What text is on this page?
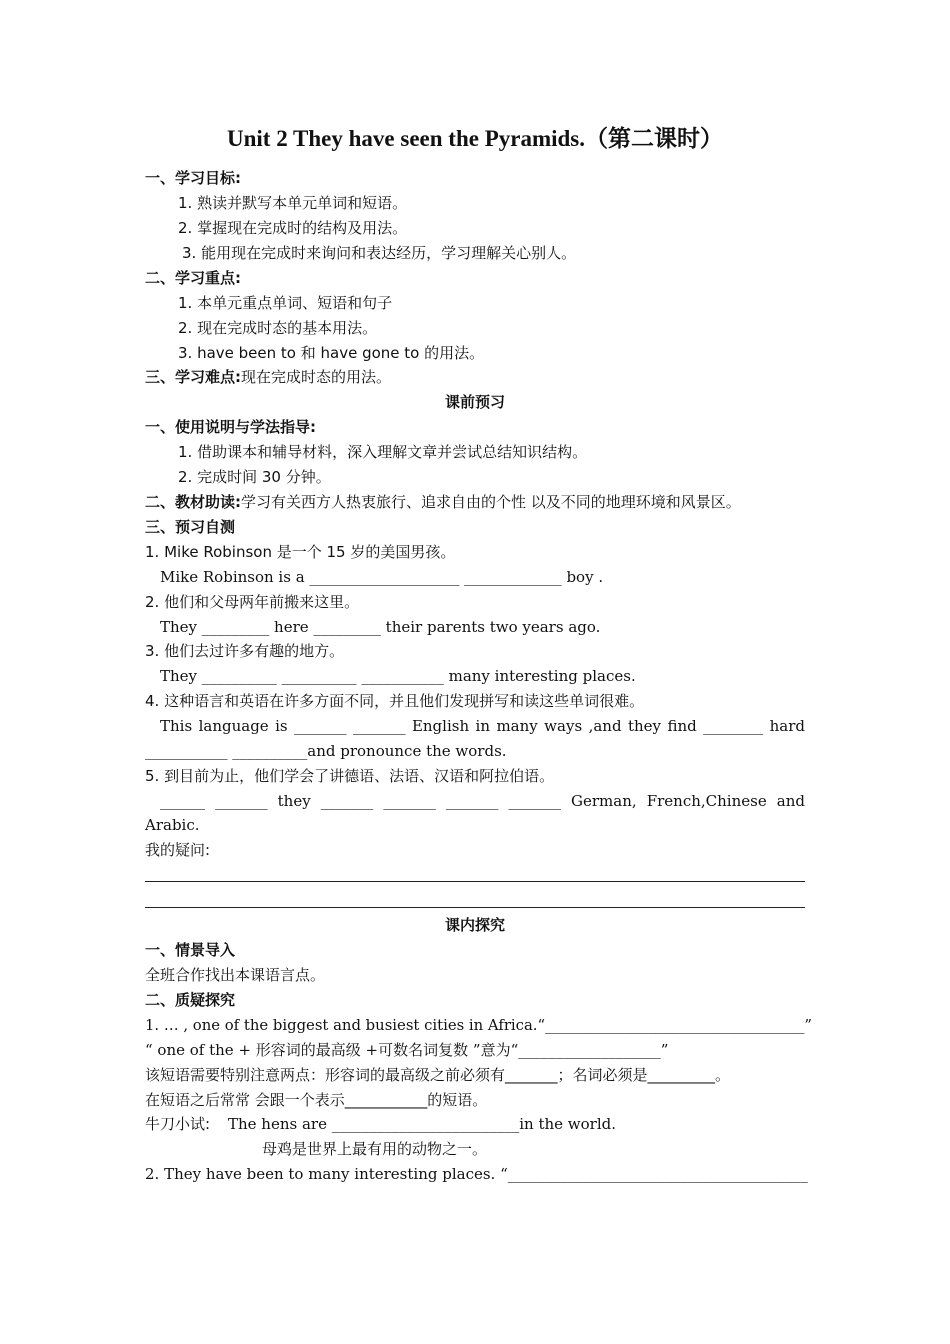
Unit 2 They have seen the Pyramids.（第二课时）
一、学习目标:
1. 熟读并默写本单元单词和短语。
2. 掌握现在完成时的结构及用法。
3. 能用现在完成时来询问和表达经历，学习理解关心别人。
二、学习重点:
1. 本单元重点单词、短语和句子
2. 现在完成时态的基本用法。
3. have been to 和 have gone to 的用法。
三、学习难点:现在完成时态的用法。
课前预习
一、使用说明与学法指导:
1. 借助课本和辅导材料，深入理解文章并尝试总结知识结构。
2. 完成时间 30 分钟。
二、教材助读:学习有关西方人热衷旅行、追求自由的个性 以及不同的地理环境和风景区。
三、预习自测
1. Mike Robinson 是一个 15 岁的美国男孩。
Mike Robinson is a ____________________ _____________ boy .
2. 他们和父母两年前搬来这里。
They _________ here _________ their parents two years ago.
3. 他们去过许多有趣的地方。
They __________ __________ ___________ many interesting places.
4. 这种语言和英语在许多方面不同，并且他们发现拼写和读这些单词很难。
This language is _______ _______ English in many ways ,and they find ________ hard
___________ __________and pronounce the words.
5. 到目前为止，他们学会了讲德语、法语、汉语和阿拉伯语。
______ _______ they _______ _______ _______ _______ German, French,Chinese and
Arabic.
我的疑问:
课内探究
一、情景导入
全班合作找出本课语言点。
二、质疑探究
1. … , one of the biggest and busiest cities in Africa.“___________________________________”
“ one of the + 形容词的最高级 +可数名词复数 ”意为“___________________”
该短语需要特别注意两点：形容词的最高级之前必须有_______；名词必须是_________。
在短语之后常常 会跟一个表示___________的短语。
牛刀小试: The hens are _________________________in the world.
母鸡是世界上最有用的动物之一。
2. They have been to many interesting places. “________________________________________
